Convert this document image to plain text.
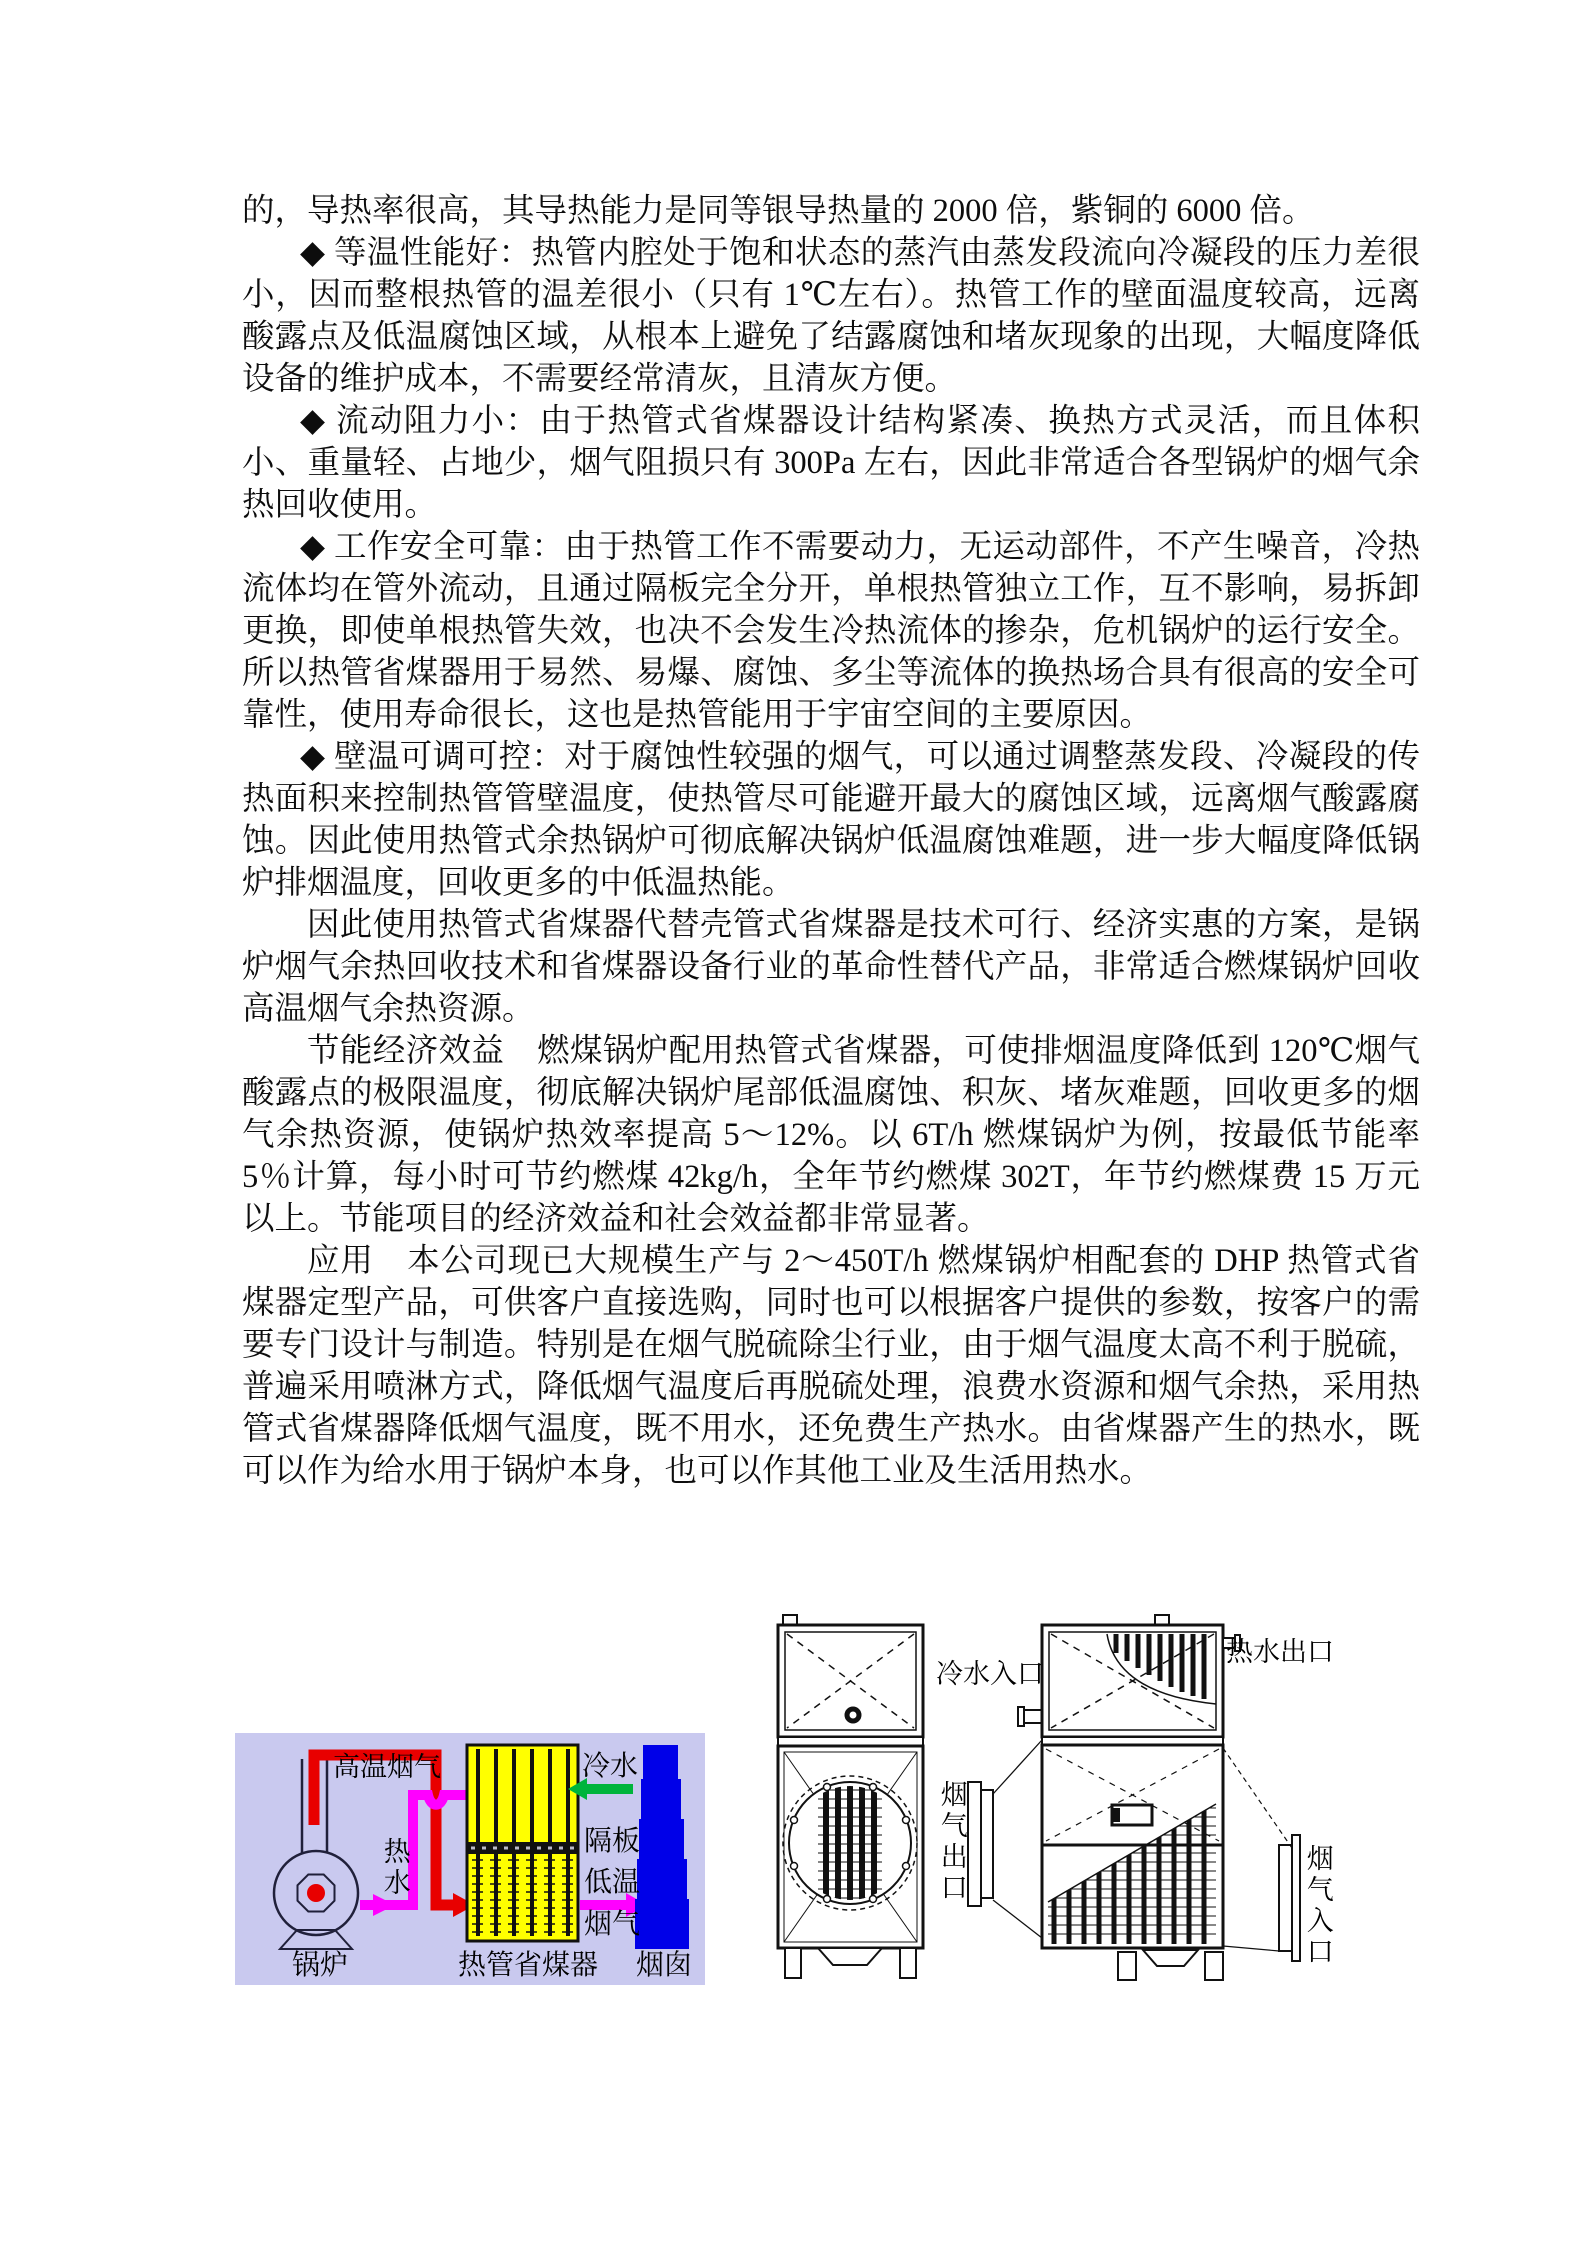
的，导热率很高，其导热能力是同等银导热量的 2000 倍，紫铜的 6000 倍。

◆ 等温性能好：热管内腔处于饱和状态的蒸汽由蒸发段流向冷凝段的压力差很小，因而整根热管的温差很小（只有 1℃左右）。热管工作的壁面温度较高，远离酸露点及低温腐蚀区域，从根本上避免了结露腐蚀和堵灰现象的出现，大幅度降低设备的维护成本，不需要经常清灰，且清灰方便。

◆ 流动阻力小：由于热管式省煤器设计结构紧凑、换热方式灵活，而且体积小、重量轻、占地少，烟气阻损只有 300Pa 左右，因此非常适合各型锅炉的烟气余热回收使用。

◆ 工作安全可靠：由于热管工作不需要动力，无运动部件，不产生噪音，冷热流体均在管外流动，且通过隔板完全分开，单根热管独立工作，互不影响，易拆卸更换，即使单根热管失效，也决不会发生冷热流体的掺杂，危机锅炉的运行安全。所以热管省煤器用于易然、易爆、腐蚀、多尘等流体的换热场合具有很高的安全可靠性，使用寿命很长，这也是热管能用于宇宙空间的主要原因。

◆ 壁温可调可控：对于腐蚀性较强的烟气，可以通过调整蒸发段、冷凝段的传热面积来控制热管管壁温度，使热管尽可能避开最大的腐蚀区域，远离烟气酸露腐蚀。因此使用热管式余热锅炉可彻底解决锅炉低温腐蚀难题，进一步大幅度降低锅炉排烟温度，回收更多的中低温热能。

因此使用热管式省煤器代替壳管式省煤器是技术可行、经济实惠的方案，是锅炉烟气余热回收技术和省煤器设备行业的革命性替代产品，非常适合燃煤锅炉回收高温烟气余热资源。

节能经济效益　燃煤锅炉配用热管式省煤器，可使排烟温度降低到 120℃烟气酸露点的极限温度，彻底解决锅炉尾部低温腐蚀、积灰、堵灰难题，回收更多的烟气余热资源，使锅炉热效率提高 5～12%。以 6T/h 燃煤锅炉为例，按最低节能率 5％计算，每小时可节约燃煤 42kg/h，全年节约燃煤 302T，年节约燃煤费 15 万元以上。节能项目的经济效益和社会效益都非常显著。

应用　本公司现已大规模生产与 2～450T/h 燃煤锅炉相配套的 DHP 热管式省煤器定型产品，可供客户直接选购，同时也可以根据客户提供的参数，按客户的需要专门设计与制造。特别是在烟气脱硫除尘行业，由于烟气温度太高不利于脱硫，普遍采用喷淋方式，降低烟气温度后再脱硫处理，浪费水资源和烟气余热，采用热管式省煤器降低烟气温度，既不用水，还免费生产热水。由省煤器产生的热水，既可以作为给水用于锅炉本身，也可以作其他工业及生活用热水。

高温烟气
热水
冷水
隔板
低温
烟气
锅炉	热管省煤器 烟囱
冷水入口
热水出口
烟气出口
烟气入口
